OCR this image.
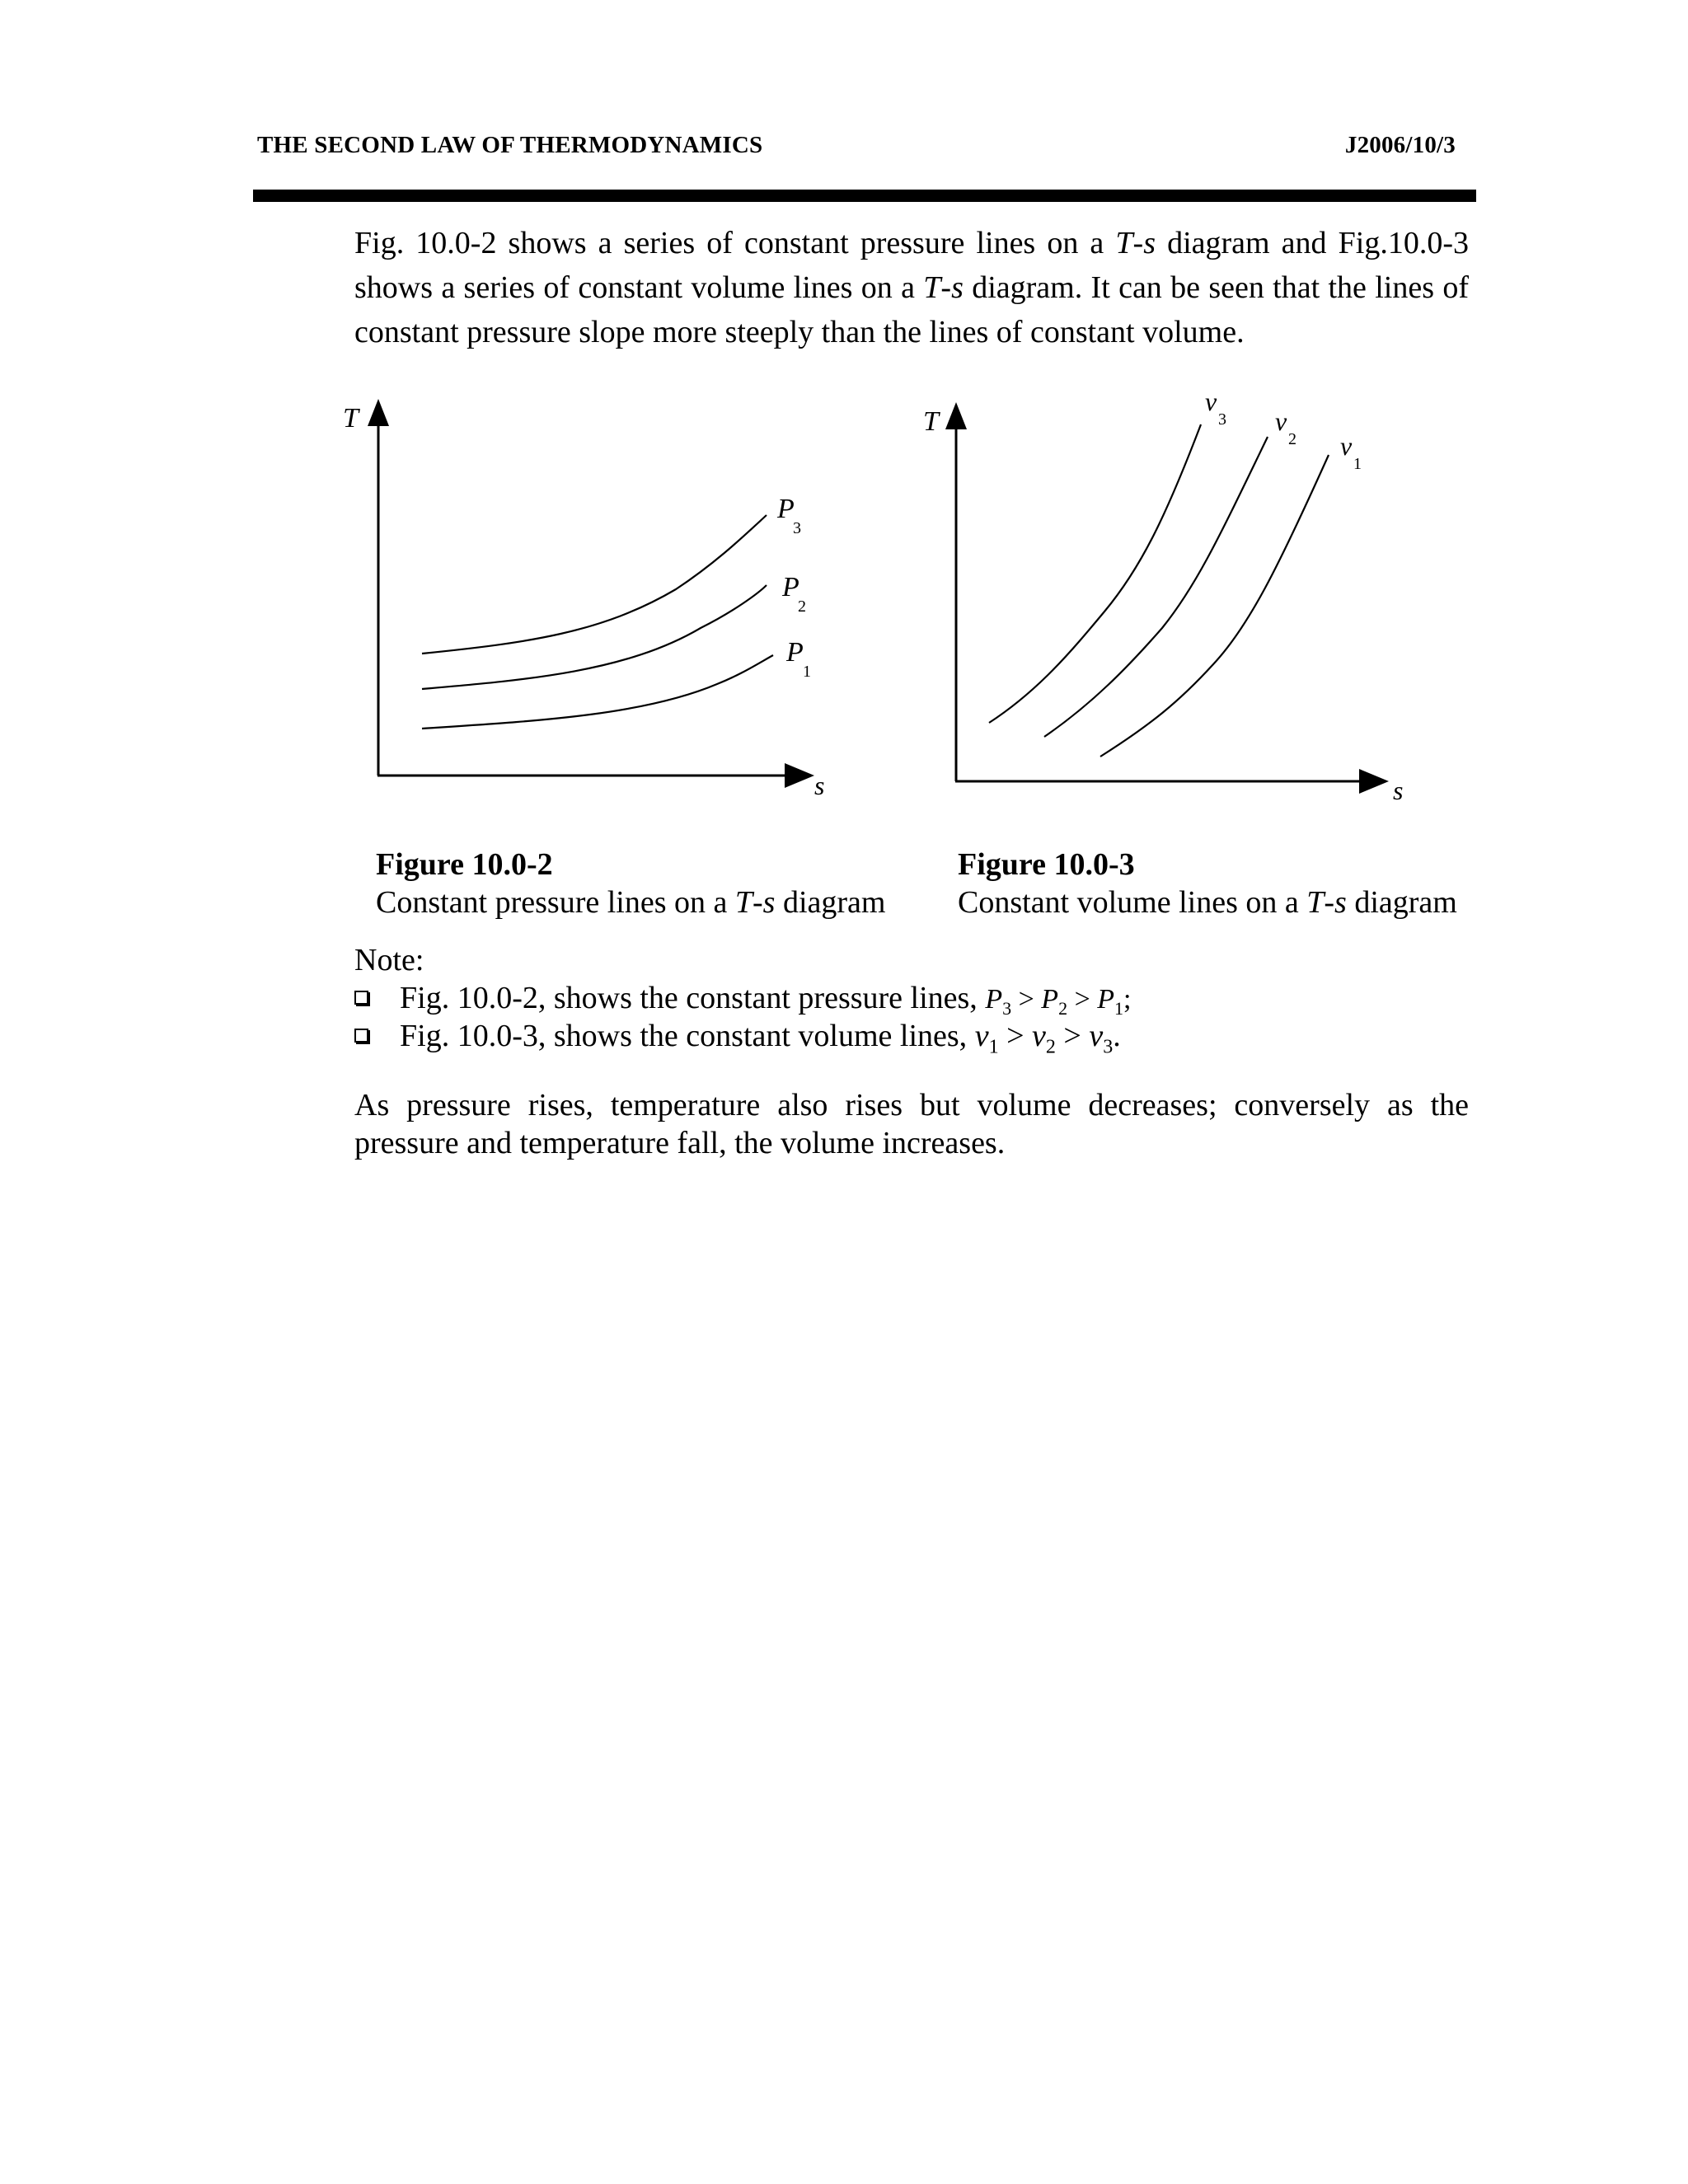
THE SECOND LAW OF THERMODYNAMICS	J2006/10/3

Fig. 10.0-2 shows a series of constant pressure lines on a T-s diagram and Fig.10.0-3 shows a series of constant volume lines on a T-s diagram. It can be seen that the lines of constant pressure slope more steeply than the lines of constant volume.

T
s
P
3
P
2
P
1
T
s
v
3 v
2 v
1
Figure 10.0-2
Constant pressure lines on a T-s diagram
Figure 10.0-3
Constant volume lines on a T-s diagram
Note:
Fig. 10.0-2, shows the constant pressure lines, $P_3 > P_2 > P_1$;
Fig. 10.0-3, shows the constant volume lines, $v_1 > v_2 > v_3$.

As pressure rises, temperature also rises but volume decreases; conversely as the pressure and temperature fall, the volume increases.
